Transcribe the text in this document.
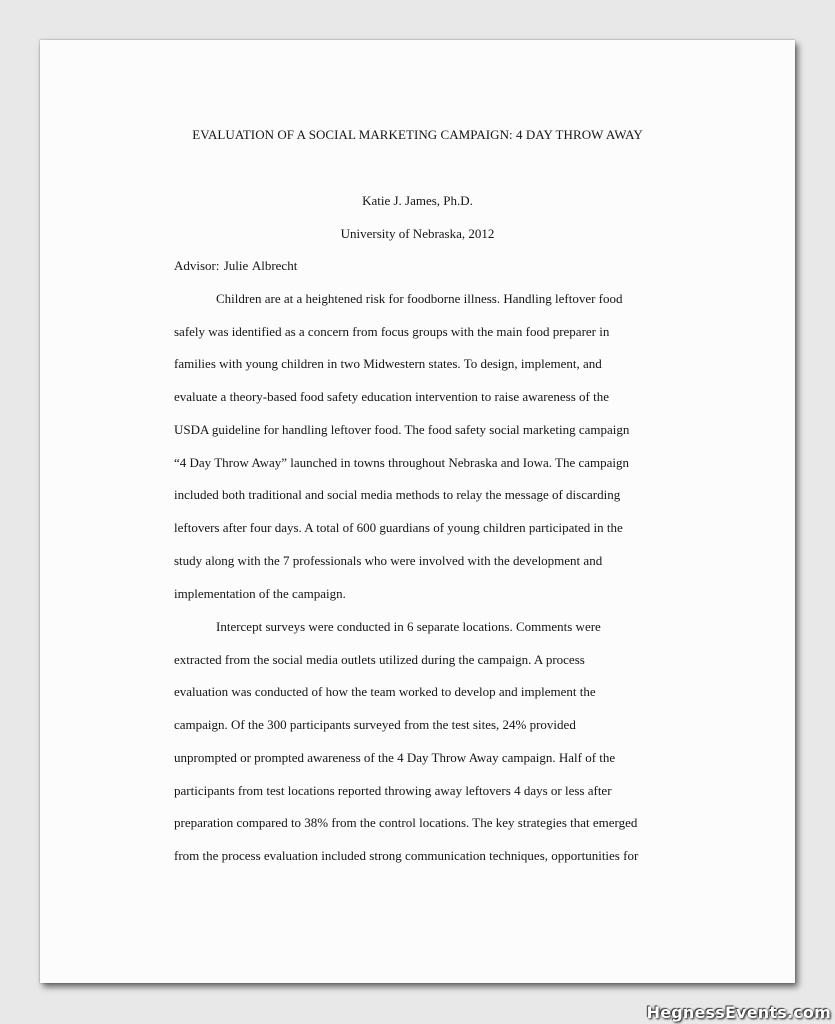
EVALUATION OF A SOCIAL MARKETING CAMPAIGN: 4 DAY THROW AWAY
Katie J. James, Ph.D.
University of Nebraska, 2012
Advisor: Julie Albrecht
Children are at a heightened risk for foodborne illness. Handling leftover food
safely was identified as a concern from focus groups with the main food preparer in
families with young children in two Midwestern states. To design, implement, and
evaluate a theory-based food safety education intervention to raise awareness of the
USDA guideline for handling leftover food. The food safety social marketing campaign
“4 Day Throw Away” launched in towns throughout Nebraska and Iowa. The campaign
included both traditional and social media methods to relay the message of discarding
leftovers after four days. A total of 600 guardians of young children participated in the
study along with the 7 professionals who were involved with the development and
implementation of the campaign.
Intercept surveys were conducted in 6 separate locations. Comments were
extracted from the social media outlets utilized during the campaign. A process
evaluation was conducted of how the team worked to develop and implement the
campaign. Of the 300 participants surveyed from the test sites, 24% provided
unprompted or prompted awareness of the 4 Day Throw Away campaign. Half of the
participants from test locations reported throwing away leftovers 4 days or less after
preparation compared to 38% from the control locations. The key strategies that emerged
from the process evaluation included strong communication techniques, opportunities for
HegnessEvents.com
